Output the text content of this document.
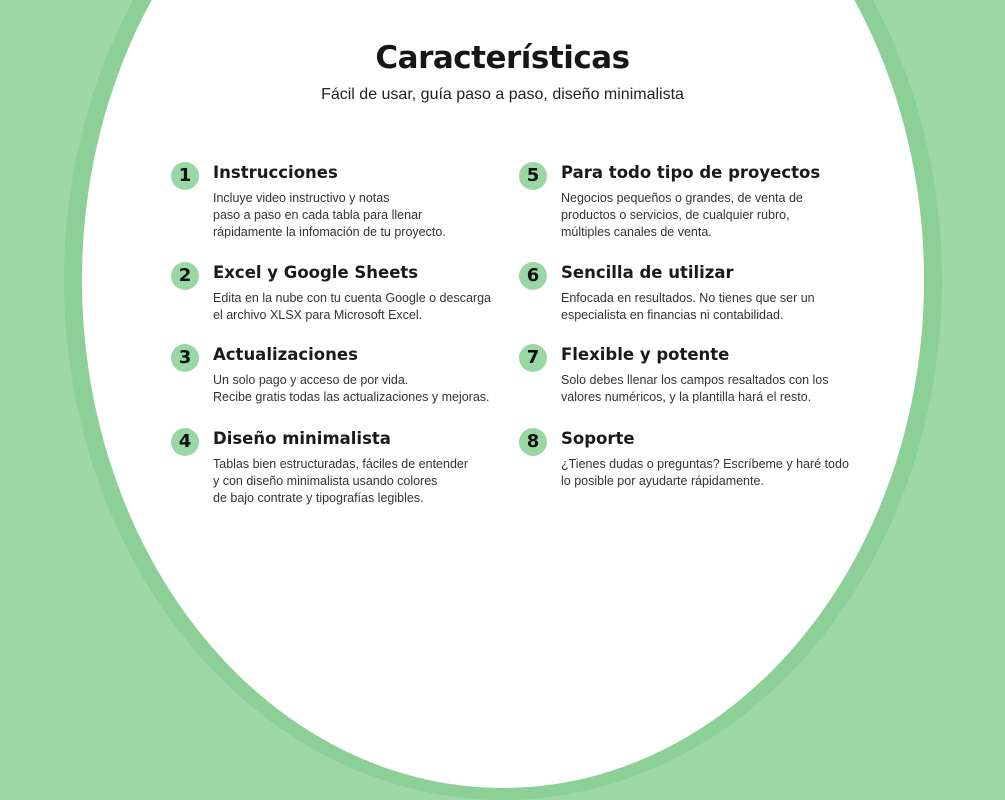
Características
Fácil de usar, guía paso a paso, diseño minimalista
1	Instrucciones
Incluye video instructivo y notas
paso a paso en cada tabla para llenar
rápidamente la infomación de tu proyecto.
2	Excel y Google Sheets
Edita en la nube con tu cuenta Google o descarga
el archivo XLSX para Microsoft Excel.
3	Actualizaciones
Un solo pago y acceso de por vida.
Recibe gratis todas las actualizaciones y mejoras.
4	Diseño minimalista
Tablas bien estructuradas, fáciles de entender
y con diseño minimalista usando colores
de bajo contrate y tipografías legibles.
5	Para todo tipo de proyectos
Negocios pequeños o grandes, de venta de
productos o servicios, de cualquier rubro,
múltiples canales de venta.
6	Sencilla de utilizar
Enfocada en resultados. No tienes que ser un
especialista en financias ni contabilidad.
7	Flexible y potente
Solo debes llenar los campos resaltados con los
valores numéricos, y la plantilla hará el resto.
8	Soporte
¿Tienes dudas o preguntas? Escríbeme y haré todo
lo posible por ayudarte rápidamente.
